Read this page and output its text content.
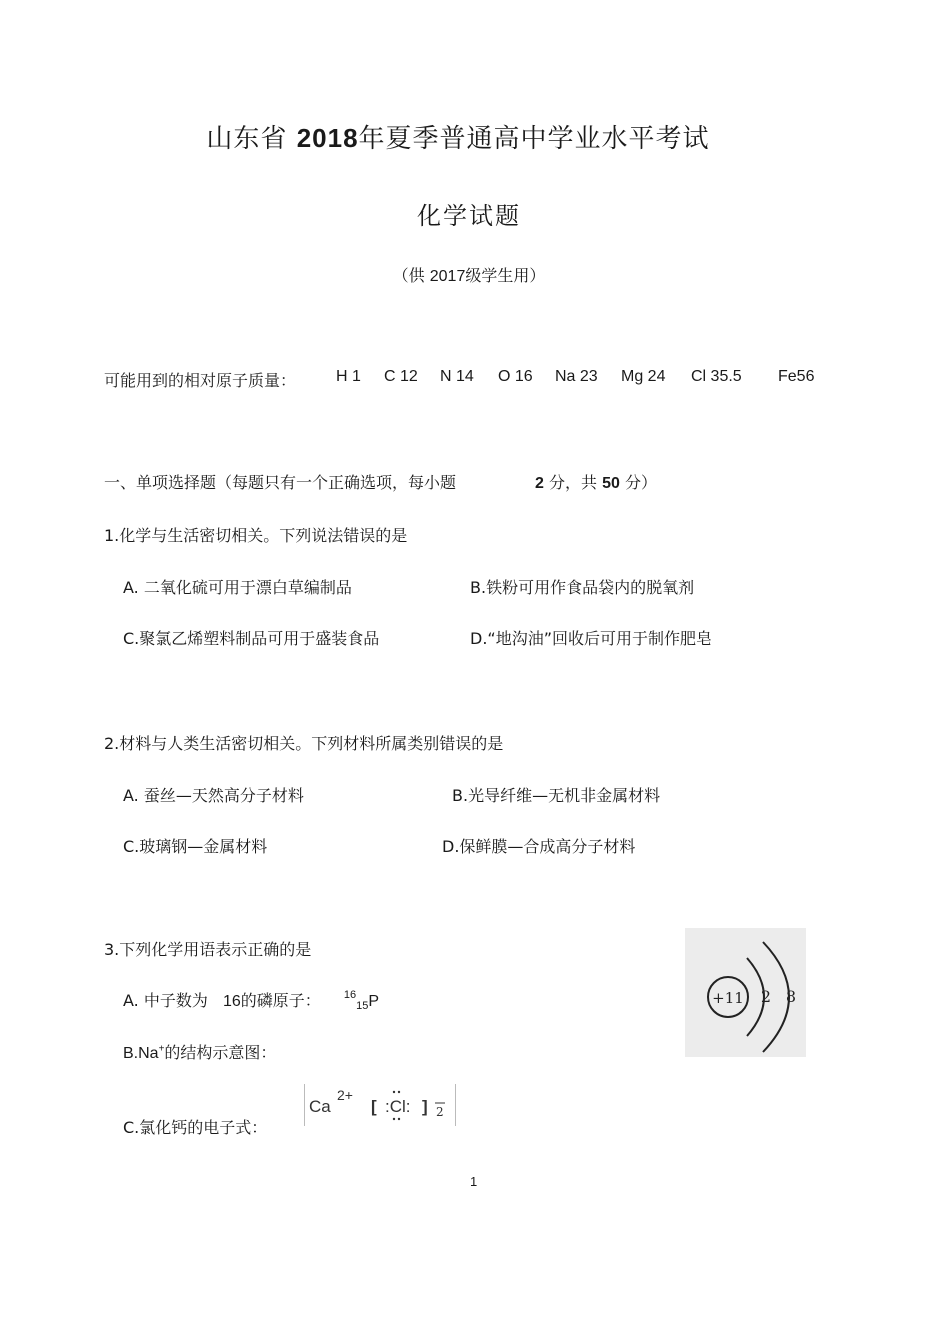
山东省 2018年夏季普通高中学业水平考试
化学试题
（供 2017级学生用）
可能用到的相对原子质量： H 1 C 12 N 14 O 16 Na 23 Mg 24 Cl 35.5 Fe56
一、单项选择题（每题只有一个正确选项，每小题	2 分，共 50 分）
1.化学与生活密切相关。下列说法错误的是
A. 二氧化硫可用于漂白草编制品	B.铁粉可用作食品袋内的脱氧剂
C.聚氯乙烯塑料制品可用于盛装食品	D.“地沟油”回收后可用于制作肥皂
2.材料与人类生活密切相关。下列材料所属类别错误的是
A. 蚕丝—天然高分子材料	B.光导纤维—无机非金属材料
C.玻璃钢—金属材料	D.保鲜膜—合成高分子材料
3.下列化学用语表示正确的是
A. 中子数为 16的磷原子： $^{16}$15P
B.Na+的结构示意图：
C.氯化钙的电子式：
+11 2 8
Ca
2+
[ :Cl: ] 2
1
